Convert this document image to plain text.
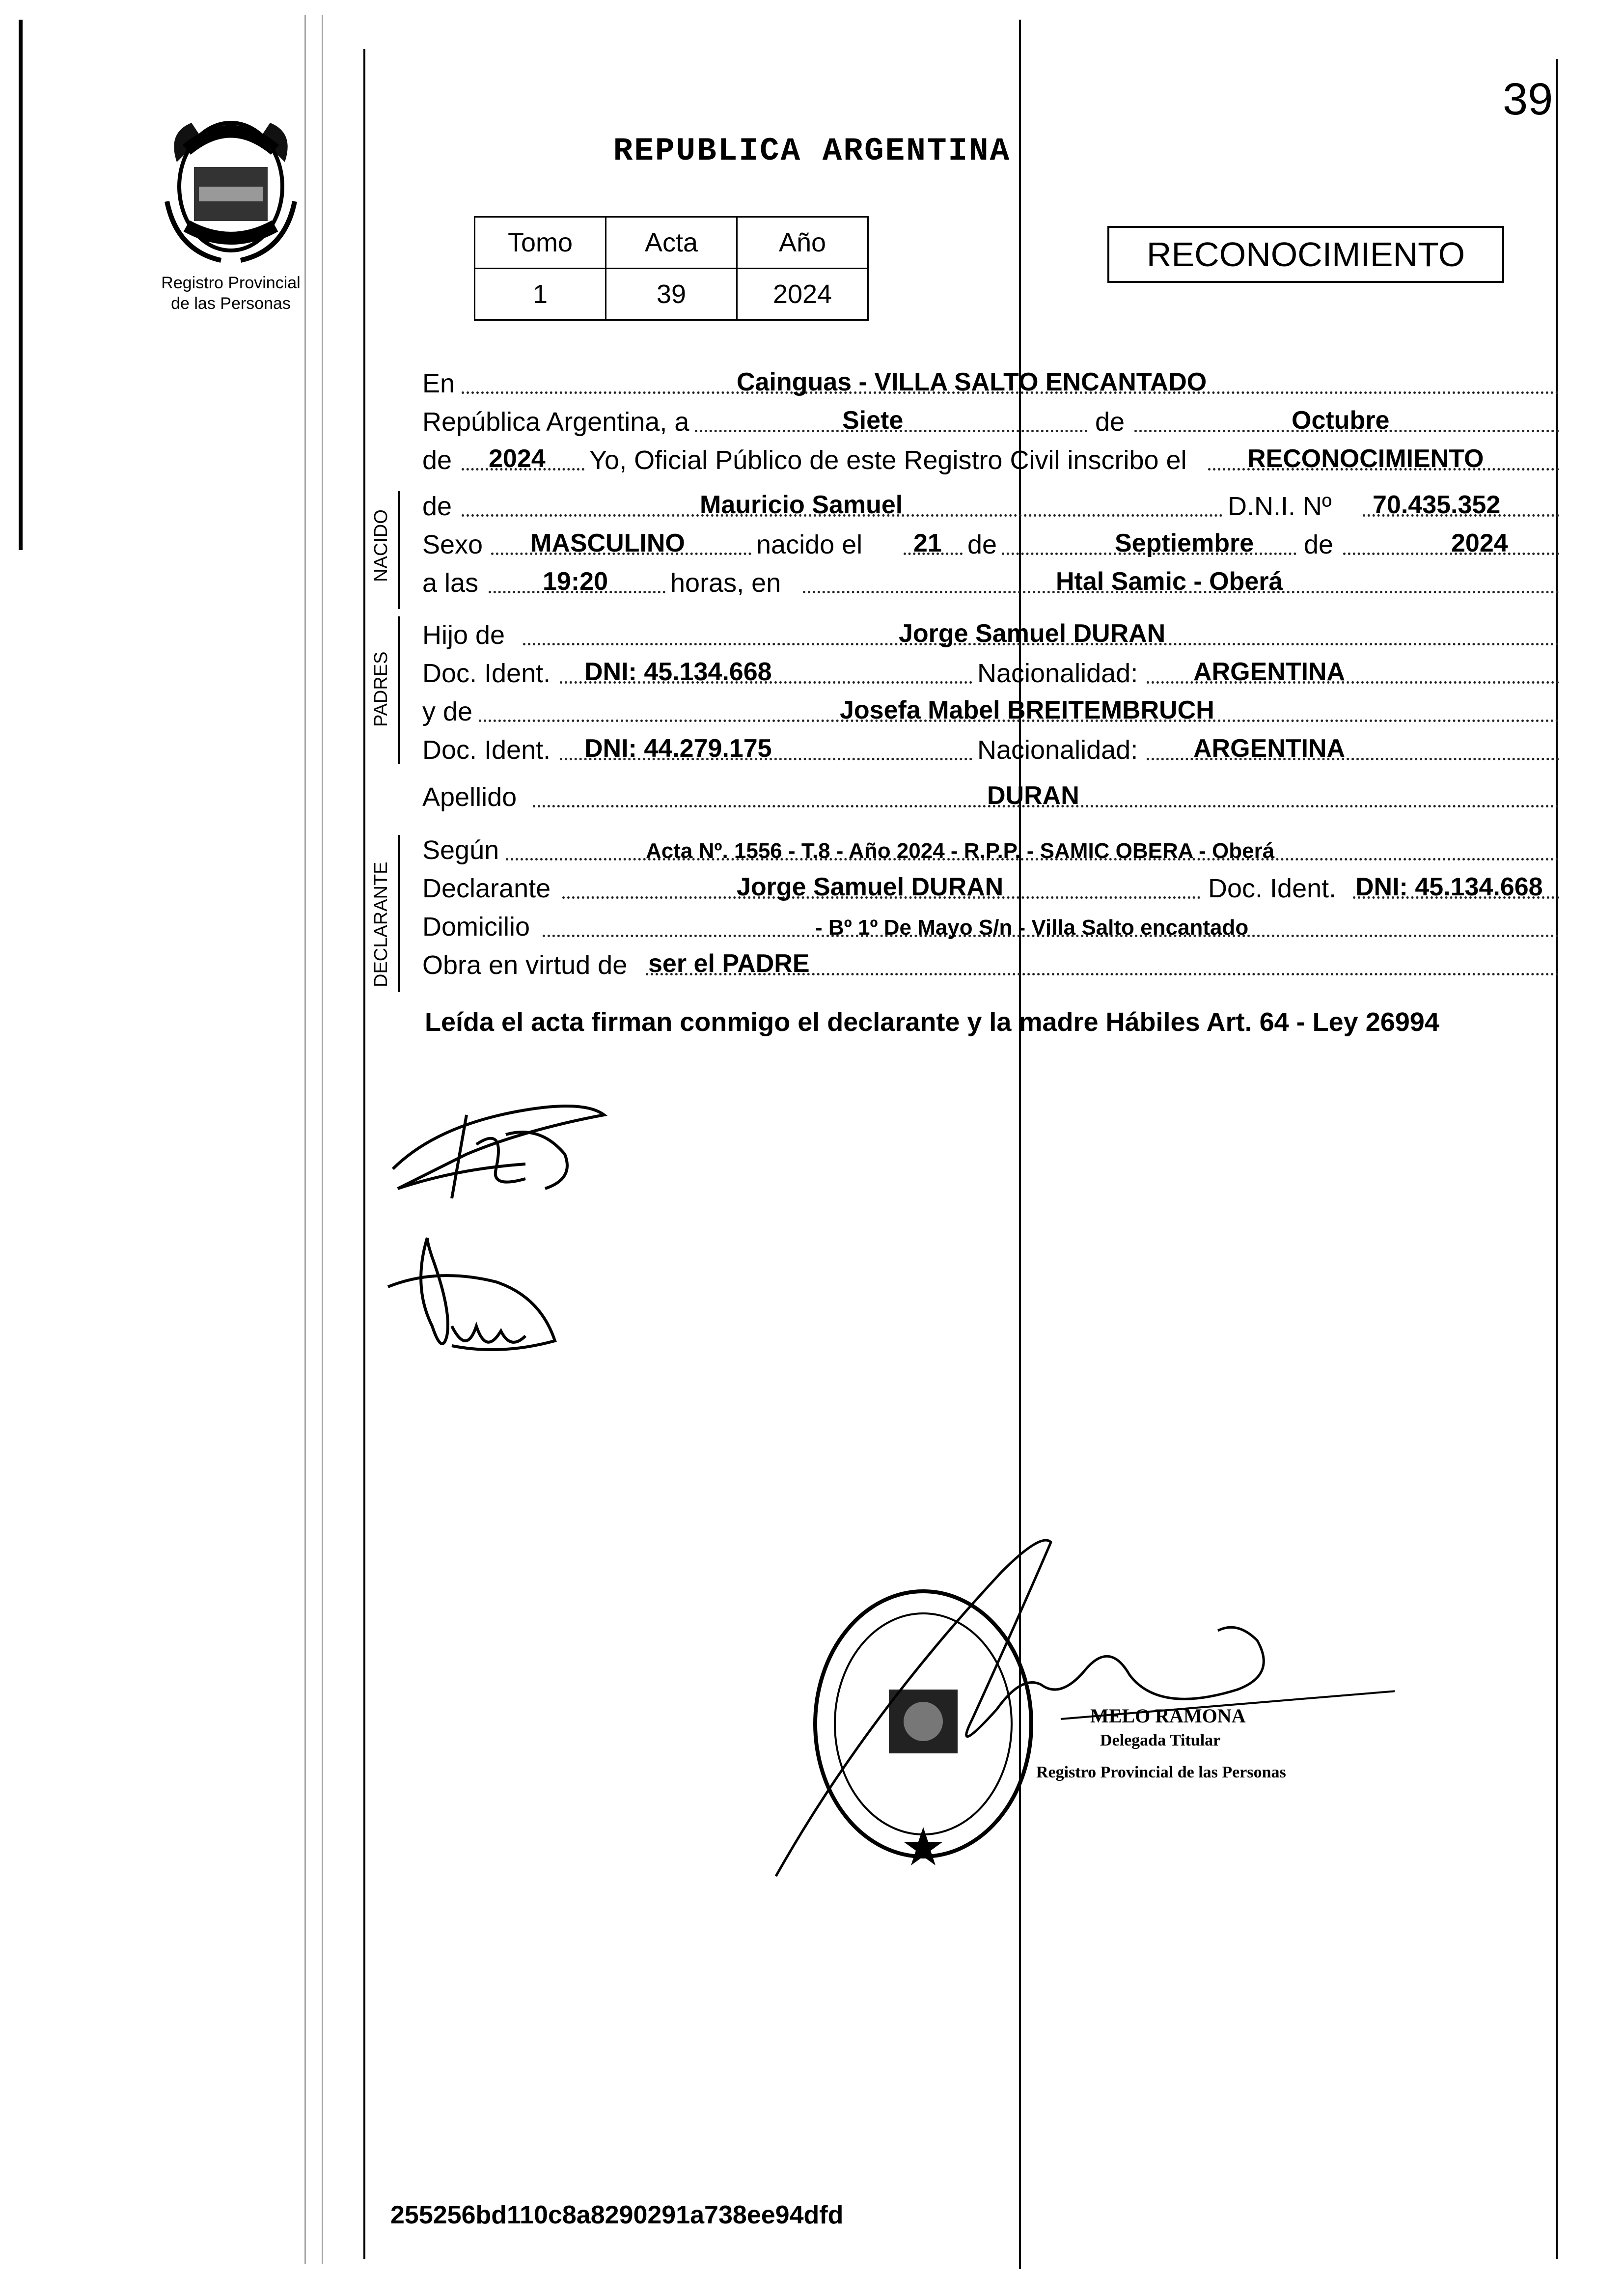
39
REPUBLICA ARGENTINA
Registro Provincial
de las Personas
Tomo	Acta	Año
1	39	2024
RECONOCIMIENTO
En	Cainguas - VILLA SALTO ENCANTADO
República Argentina, a	Siete	de	Octubre
de 2024 Yo, Oficial Público de este Registro Civil inscribo el RECONOCIMIENTO
NACIDO
de	Mauricio Samuel	D.N.I. Nº 70.435.352
Sexo MASCULINO	nacido el 21 de	Septiembre de	2024
a las	19:20 horas, en	Htal Samic - Oberá
PADRES
Hijo de	Jorge Samuel DURAN
Doc. Ident. DNI: 45.134.668	Nacionalidad: ARGENTINA
y de	Josefa Mabel BREITEMBRUCH
Doc. Ident. DNI: 44.279.175	Nacionalidad: ARGENTINA
Apellido	DURAN
DECLARANTE
Según	Acta Nº. 1556 - T.8 - Año 2024 - R.P.P. - SAMIC OBERA - Oberá
Declarante	Jorge Samuel DURAN	Doc. Ident. DNI: 45.134.668
Domicilio	- Bº 1º De Mayo S/n - Villa Salto encantado
Obra en virtud de ser el PADRE
Leída el acta firman conmigo el declarante y la madre Hábiles Art. 64 - Ley 26994
MELO RAMONA
Delegada Titular
Registro Provincial de las Personas
255256bd110c8a8290291a738ee94dfd
